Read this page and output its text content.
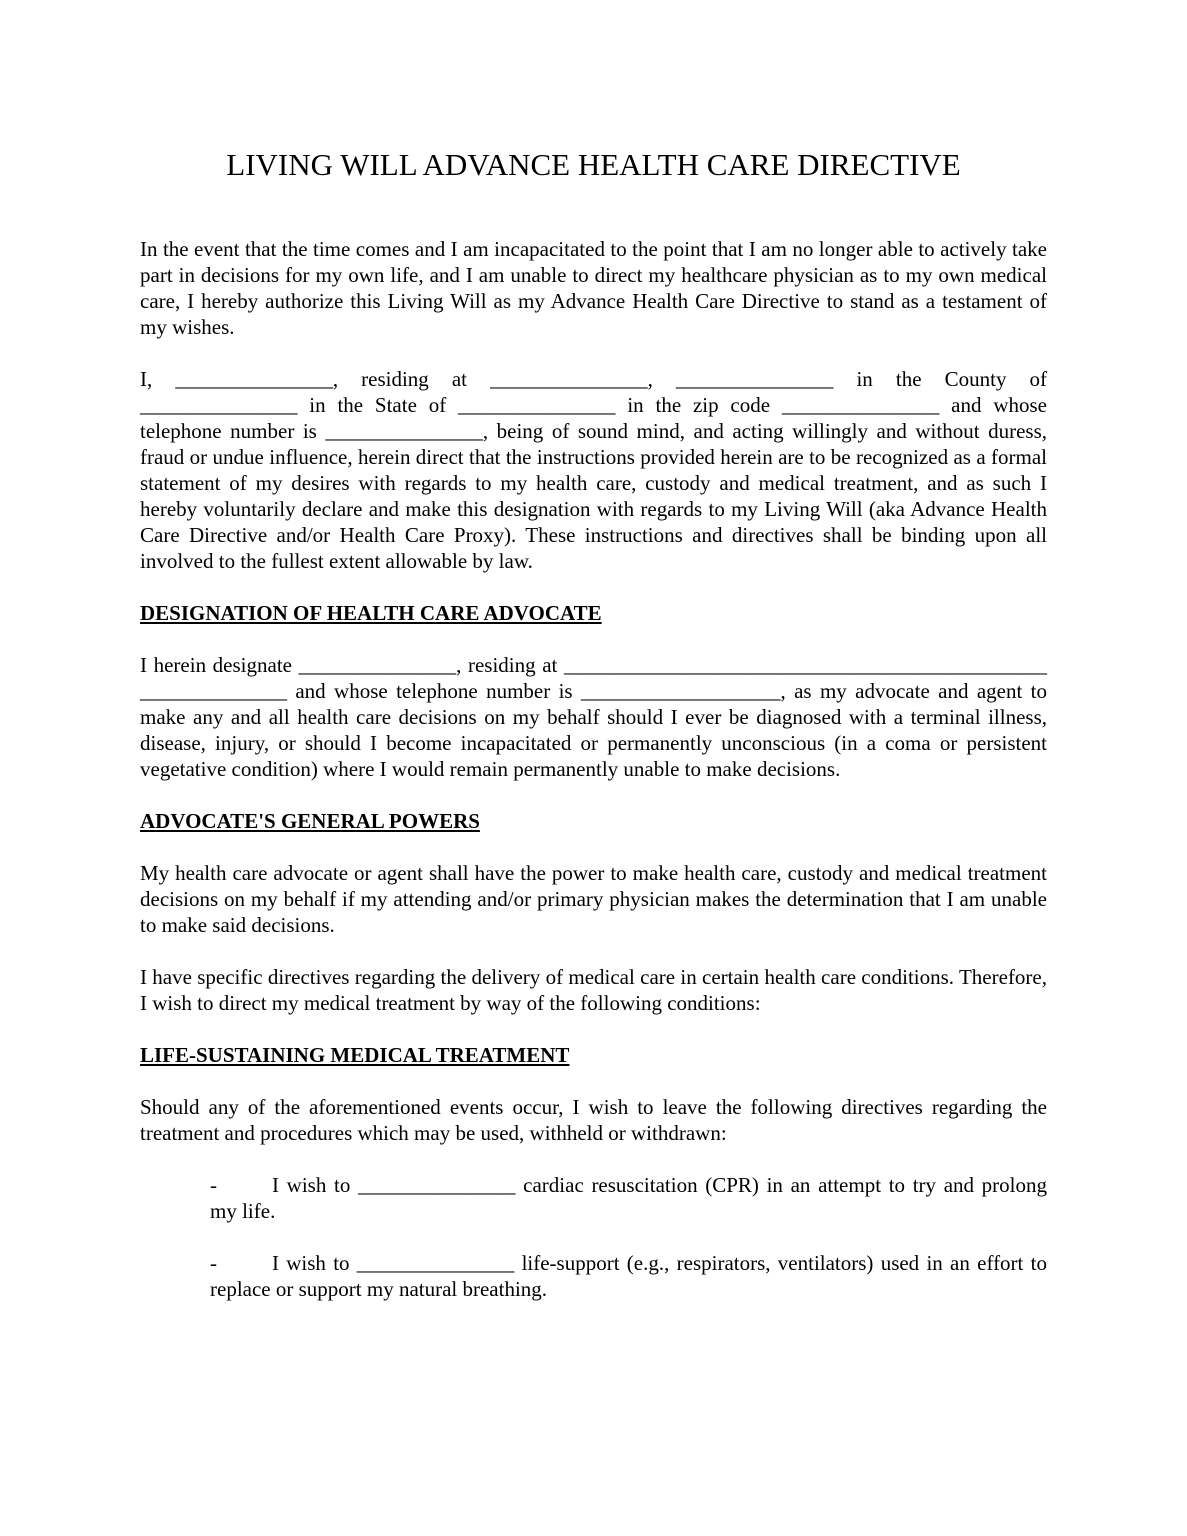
LIVING WILL ADVANCE HEALTH CARE DIRECTIVE

In the event that the time comes and I am incapacitated to the point that I am no longer able to actively take part in decisions for my own life, and I am unable to direct my healthcare physician as to my own medical care, I hereby authorize this Living Will as my Advance Health Care Directive to stand as a testament of my wishes.

I, _______________, residing at _______________, _______________ in the County of _______________ in the State of _______________ in the zip code _______________ and whose telephone number is _______________, being of sound mind, and acting willingly and without duress, fraud or undue influence, herein direct that the instructions provided herein are to be recognized as a formal statement of my desires with regards to my health care, custody and medical treatment, and as such I hereby voluntarily declare and make this designation with regards to my Living Will (aka Advance Health Care Directive and/or Health Care Proxy). These instructions and directives shall be binding upon all involved to the fullest extent allowable by law.

DESIGNATION OF HEALTH CARE ADVOCATE

I herein designate _______________, residing at ____________________________________________________________ and whose telephone number is ___________________, as my advocate and agent to make any and all health care decisions on my behalf should I ever be diagnosed with a terminal illness, disease, injury, or should I become incapacitated or permanently unconscious (in a coma or persistent vegetative condition) where I would remain permanently unable to make decisions.

ADVOCATE'S GENERAL POWERS

My health care advocate or agent shall have the power to make health care, custody and medical treatment decisions on my behalf if my attending and/or primary physician makes the determination that I am unable to make said decisions.

I have specific directives regarding the delivery of medical care in certain health care conditions. Therefore, I wish to direct my medical treatment by way of the following conditions:

LIFE-SUSTAINING MEDICAL TREATMENT

Should any of the aforementioned events occur, I wish to leave the following directives regarding the treatment and procedures which may be used, withheld or withdrawn:

-	I wish to _______________ cardiac resuscitation (CPR) in an attempt to try and prolong my life.

-	I wish to _______________ life-support (e.g., respirators, ventilators) used in an effort to replace or support my natural breathing.
